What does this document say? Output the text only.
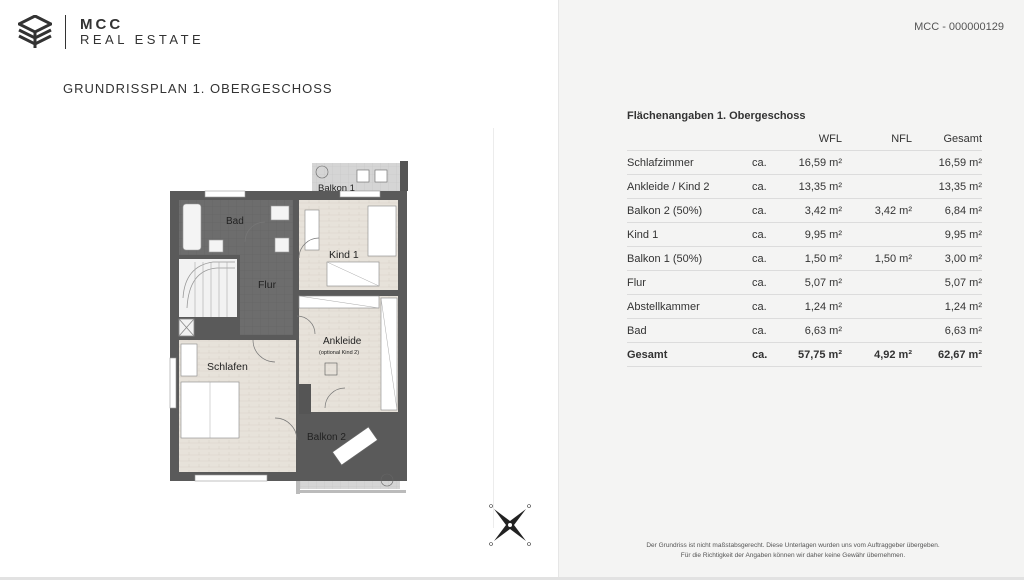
MCC
REAL ESTATE
GRUNDRISSPLAN 1. OBERGESCHOSS
Balkon 1
Bad
Kind 1
Flur
Ankleide
(optional Kind 2)
Schlafen
Balkon 2
MCC - 000000129
Flächenangaben 1. Obergeschoss				
		WFL	NFL	Gesamt
Schlafzimmer	ca.	16,59 m²		16,59 m²
Ankleide / Kind 2	ca.	13,35 m²		13,35 m²
Balkon 2 (50%)	ca.	3,42 m²	3,42 m²	6,84 m²
Kind 1	ca.	9,95 m²		9,95 m²
Balkon 1 (50%)	ca.	1,50 m²	1,50 m²	3,00 m²
Flur	ca.	5,07 m²		5,07 m²
Abstellkammer	ca.	1,24 m²		1,24 m²
Bad	ca.	6,63 m²		6,63 m²
Gesamt	ca.	57,75 m²	4,92 m²	62,67 m²
Der Grundriss ist nicht maßstabsgerecht. Diese Unterlagen wurden uns vom Auftraggeber übergeben.
Für die Richtigkeit der Angaben können wir daher keine Gewähr übernehmen.
